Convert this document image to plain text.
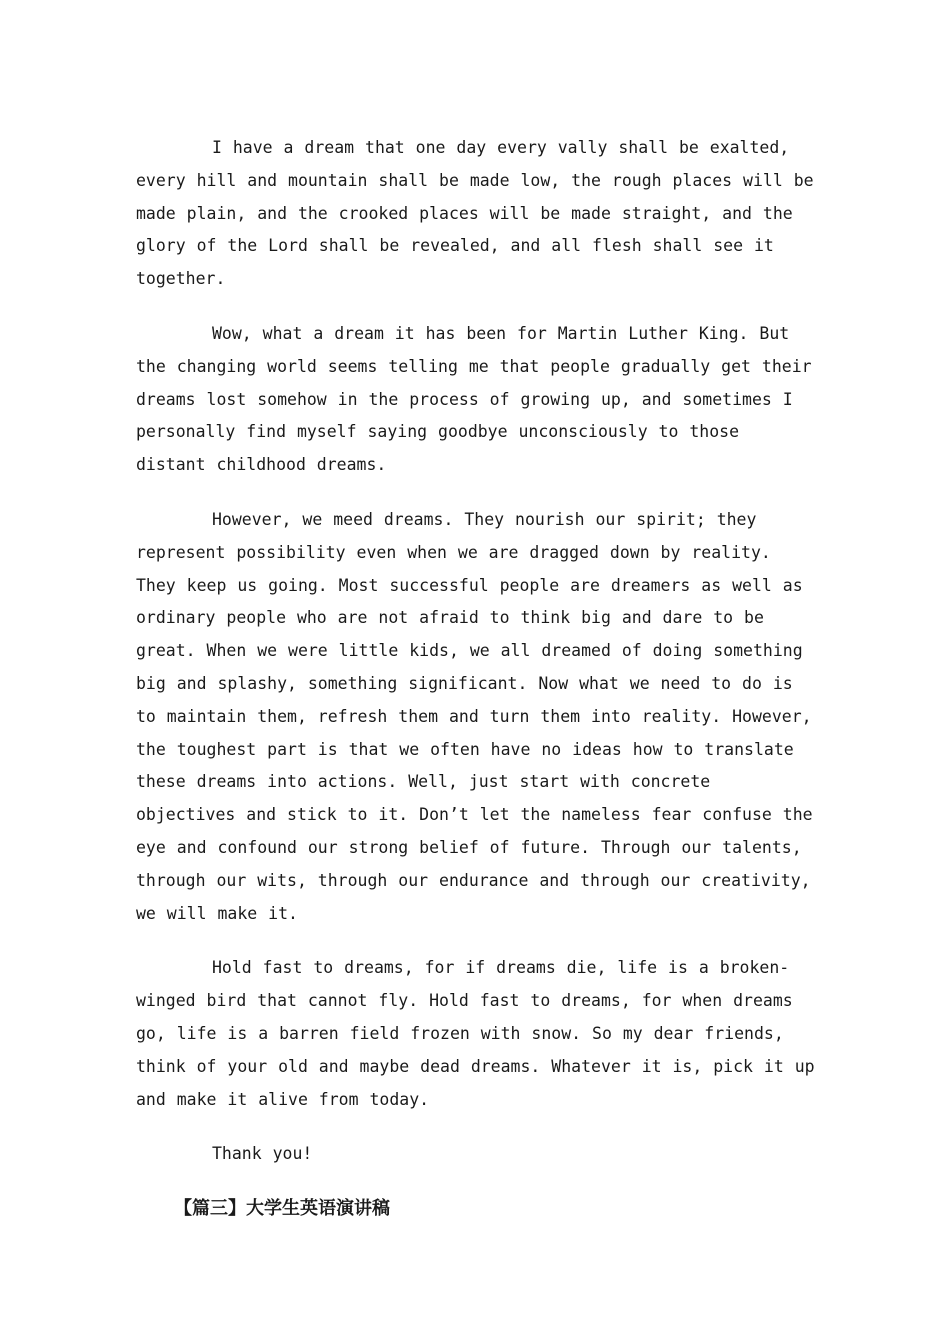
I have a dream that one day every vally shall be exalted, every hill and mountain shall be made low, the rough places will be made plain, and the crooked places will be made straight, and the glory of the Lord shall be revealed, and all flesh shall see it together.

Wow, what a dream it has been for Martin Luther King. But the changing world seems telling me that people gradually get their dreams lost somehow in the process of growing up, and sometimes I personally find myself saying goodbye unconsciously to those distant childhood dreams.

However, we meed dreams. They nourish our spirit; they represent possibility even when we are dragged down by reality. They keep us going. Most successful people are dreamers as well as ordinary people who are not afraid to think big and dare to be great. When we were little kids, we all dreamed of doing something big and splashy, something significant. Now what we need to do is to maintain them, refresh them and turn them into reality. However, the toughest part is that we often have no ideas how to translate these dreams into actions. Well, just start with concrete objectives and stick to it. Don’t let the nameless fear confuse the eye and confound our strong belief of future. Through our talents, through our wits, through our endurance and through our creativity, we will make it.

Hold fast to dreams, for if dreams die, life is a broken-winged bird that cannot fly. Hold fast to dreams, for when dreams go, life is a barren field frozen with snow. So my dear friends, think of your old and maybe dead dreams. Whatever it is, pick it up and make it alive from today.

Thank you!

【篇三】大学生英语演讲稿
